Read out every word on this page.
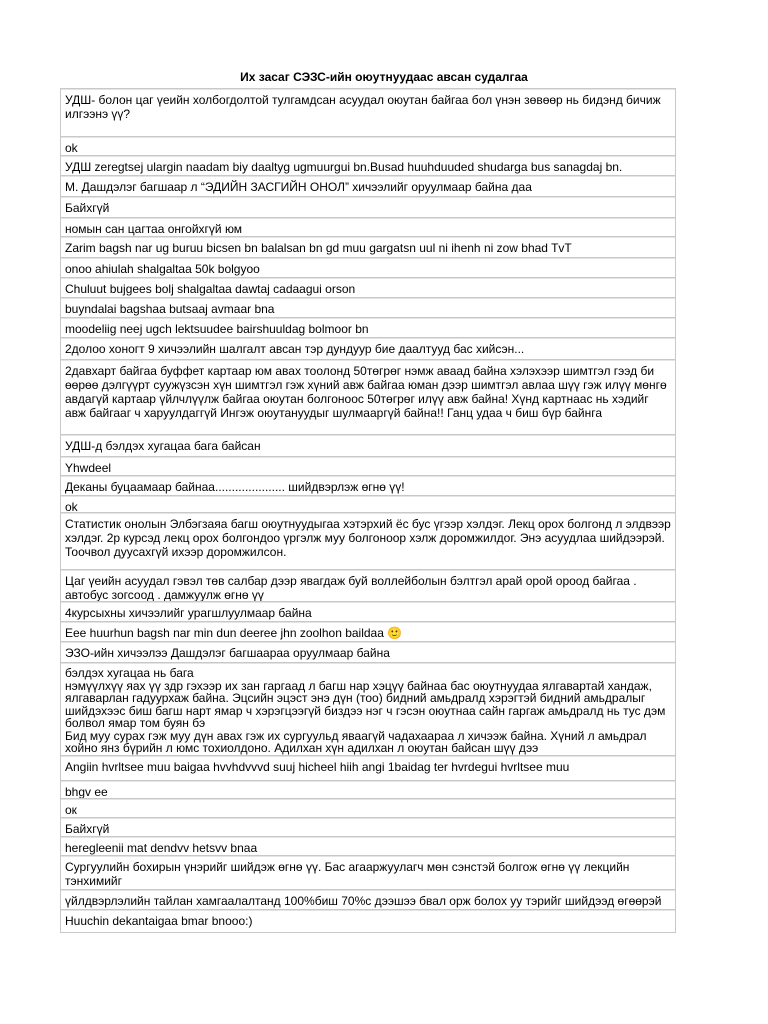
Их засаг СЭЗС-ийн оюутнуудаас авсан судалгаа
УДШ- болон цаг үеийн холбогдолтой тулгамдсан асуудал оюутан байгаа бол үнэн зөвөөр нь бидэнд бичиж илгээнэ үү?
ok
УДШ zeregtsej ulargin naadam biy daaltyg ugmuurgui bn.Busad huuhduuded shudarga bus sanagdaj bn.
М. Дашдэлэг багшаар л “ЭДИЙН ЗАСГИЙН ОНОЛ” хичээлийг оруулмаар байна даа
Байхгүй
номын сан цагтаа онгойхгүй юм
Zarim bagsh nar ug buruu bicsen bn balalsan bn gd muu gargatsn uul ni ihenh ni zow bhad TvT
onoo ahiulah shalgaltaa 50k bolgyoo
Chuluut bujgees bolj shalgaltaa dawtaj cadaagui orson
buyndalai bagshaa butsaaj avmaar bna
moodeliig neej ugch lektsuudee bairshuuldag bolmoor bn
2долоо хоногт 9 хичээлийн шалгалт авсан тэр дундуур бие даалтууд бас хийсэн...
2давхарт байгаа буффет картаар юм авах тоолонд 50төгрөг нэмж аваад байна хэлэхээр шимтгэл гээд би өөрөө дэлгүүрт суужүзсэн хүн шимтгэл гэж хүний авж байгаа юман дээр шимтгэл авлаа шүү гэж илүү мөнгө авдагүй картаар үйлчлүүлж байгаа оюутан болгоноос 50төгрөг илүү авж байна! Хүнд картнаас нь хэдийг авж байгааг ч харуулдаггүй Ингэж оюутануудыг шулмааргүй байна!! Ганц удаа ч биш бүр байнга
УДШ-д бэлдэх хугацаа бага байсан
Yhwdeel
Деканы буцаамаар байнаа..................... шийдвэрлэж өгнө үү!
ok
Статистик онолын Элбэгзаяа багш оюутнуудыгаа хэтэрхий ёс бус үгээр хэлдэг. Лекц орох болгонд л элдвээр хэлдэг. 2р курсэд лекц орох болгондоо үргэлж муу болгоноор хэлж доромжилдог. Энэ асуудлаа шийдээрэй. Тоочвол дуусахгүй ихээр доромжилсон.
Цаг үеийн асуудал гэвэл төв салбар дээр явагдаж буй воллейболын бэлтгэл арай орой ороод байгаа . автобус зогсоод . дамжуулж өгнө үү
4курсыхны хичээлийг урагшлуулмаар байна
Eee huurhun bagsh nar min dun deeree jhn zoolhon baildaa 🙂
ЭЗО-ийн хичээлээ Дашдэлэг багшаараа оруулмаар байна
бэлдэх хугацаа нь бага
нэмүүлхүү яах үү здр гэхээр их зан гаргаад л багш нар хэцүү байнаа бас оюутнуудаа ялгавартай хандаж, ялгаварлан гадуурхаж байна. Эцсийн эцэст энэ дүн (тоо) бидний амьдралд хэрэгтэй бидний амьдралыг шийдэхээс биш багш нарт ямар ч хэрэгцээгүй биздээ нэг ч гэсэн оюутнаа сайн гаргаж амьдралд нь тус дэм болвол ямар том буян бэ
Бид муу сурах гэж муу дүн авах гэж их сургуульд яваагүй чадахаараа л хичээж байна. Хүний л амьдрал хойно янз бүрийн л юмс тохиолдоно. Адилхан хүн адилхан л оюутан байсан шүү дээ
Angiin hvrltsee muu baigaa hvvhdvvvd suuj hicheel hiih angi 1baidag ter hvrdegui hvrltsee muu
bhgv ee
ок
Байхгүй
heregleenii mat dendvv hetsvv bnaa
Сургуулийн бохирын үнэрийг шийдэж өгнө үү. Бас агааржуулагч мөн сэнстэй болгож өгнө үү лекцийн тэнхимийг
үйлдвэрлэлийн тайлан хамгаалалтанд 100%биш 70%с дээшээ бвал орж болох уу тэрийг шийдээд өгөөрэй
Huuchin dekantaigaa bmar bnooo:)
